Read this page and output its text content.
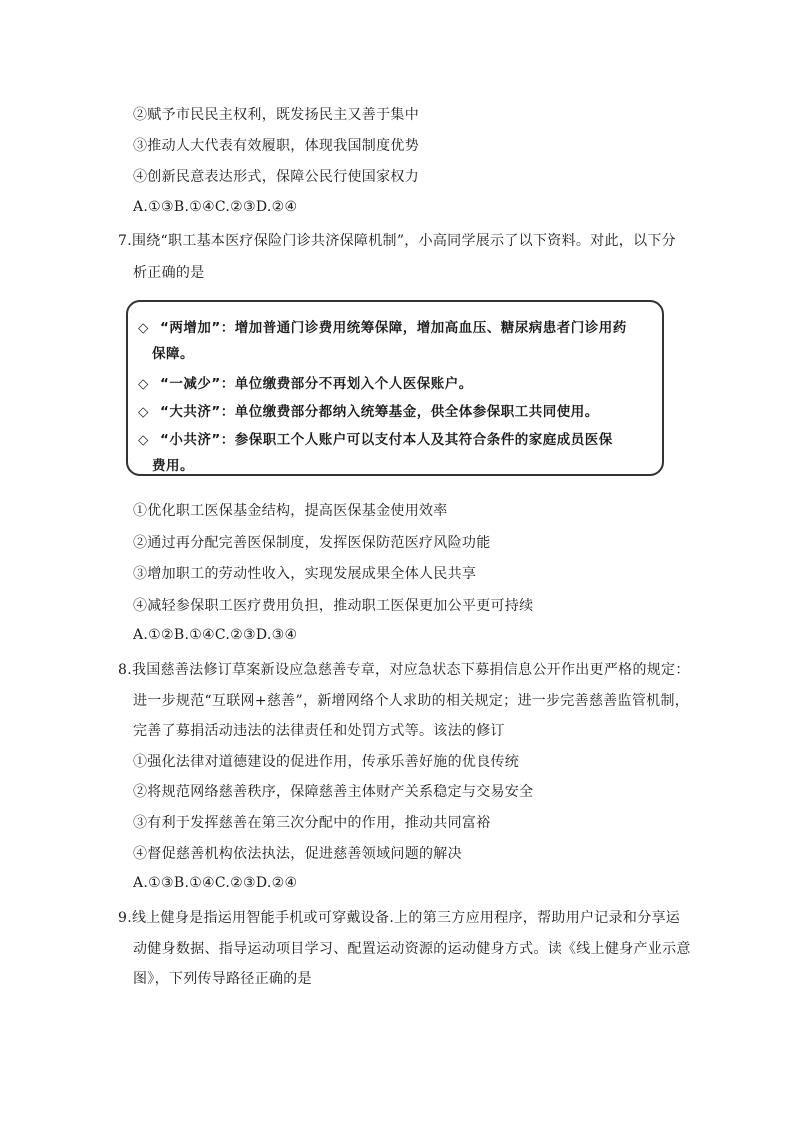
②赋予市民民主权利，既发扬民主又善于集中
③推动人大代表有效履职，体现我国制度优势
④创新民意表达形式，保障公民行使国家权力
A.①③B.①④C.②③D.②④
7.围绕“职工基本医疗保险门诊共济保障机制”，小高同学展示了以下资料。对此，以下分
析正确的是
◇ “两增加”：增加普通门诊费用统筹保障，增加高血压、糖尿病患者门诊用药
保障。
◇ “一减少”：单位缴费部分不再划入个人医保账户。
◇ “大共济”：单位缴费部分都纳入统筹基金，供全体参保职工共同使用。
◇ “小共济”：参保职工个人账户可以支付本人及其符合条件的家庭成员医保
费用。
①优化职工医保基金结构，提高医保基金使用效率
②通过再分配完善医保制度，发挥医保防范医疗风险功能
③增加职工的劳动性收入，实现发展成果全体人民共享
④减轻参保职工医疗费用负担，推动职工医保更加公平更可持续
A.①②B.①④C.②③D.③④
8.我国慈善法修订草案新设应急慈善专章，对应急状态下募捐信息公开作出更严格的规定：
进一步规范“互联网+慈善”，新增网络个人求助的相关规定；进一步完善慈善监管机制，
完善了募捐活动违法的法律责任和处罚方式等。该法的修订
①强化法律对道德建设的促进作用，传承乐善好施的优良传统
②将规范网络慈善秩序，保障慈善主体财产关系稳定与交易安全
③有利于发挥慈善在第三次分配中的作用，推动共同富裕
④督促慈善机构依法执法，促进慈善领域问题的解决
A.①③B.①④C.②③D.②④
9.线上健身是指运用智能手机或可穿戴设备.上的第三方应用程序，帮助用户记录和分享运
动健身数据、指导运动项目学习、配置运动资源的运动健身方式。读《线上健身产业示意
图》，下列传导路径正确的是
